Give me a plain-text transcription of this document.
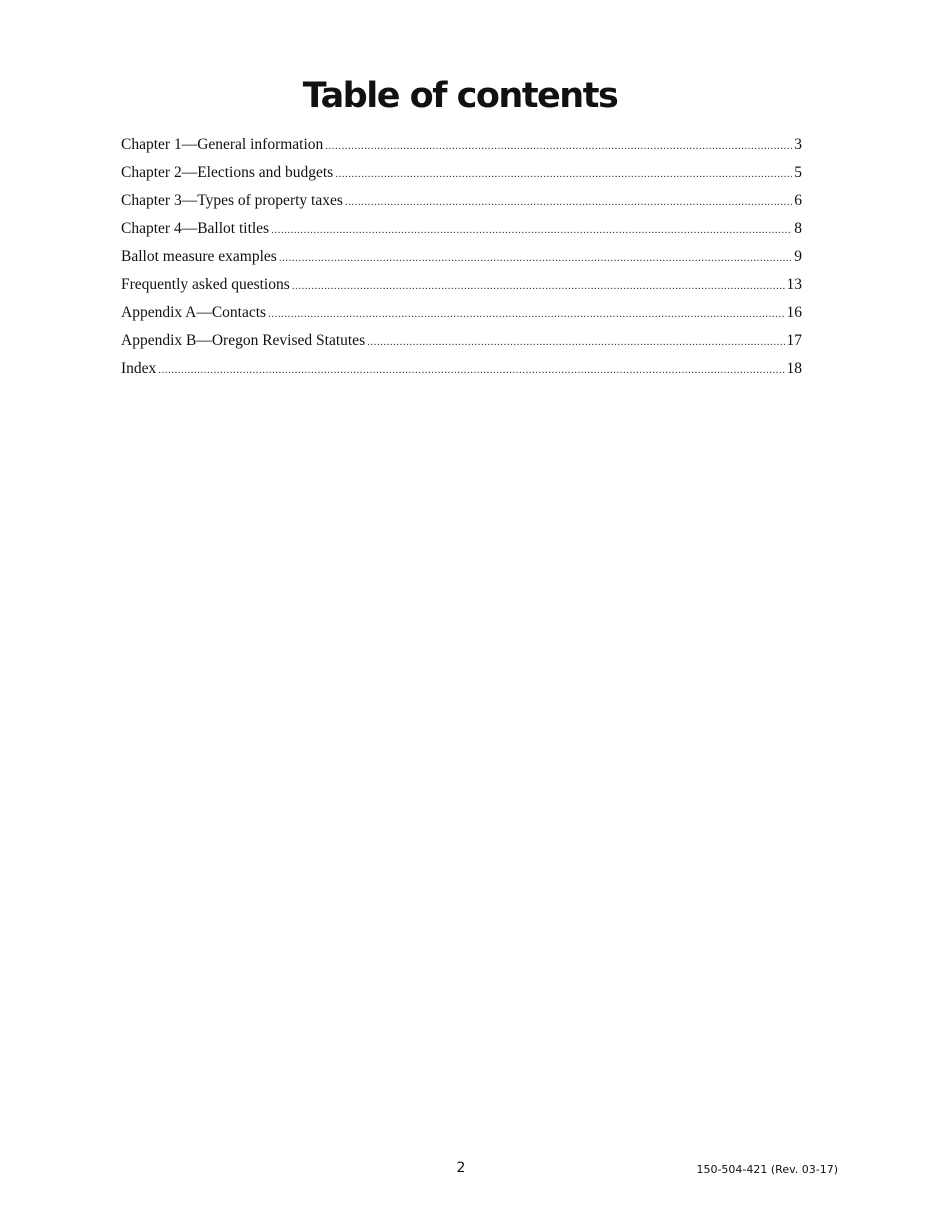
Table of contents
Chapter 1—General information .....	3
Chapter 2—Elections and budgets .....	5
Chapter 3—Types of property taxes .....	6
Chapter 4—Ballot titles .....	8
Ballot measure examples .....	9
Frequently asked questions .....	13
Appendix A—Contacts .....	16
Appendix B—Oregon Revised Statutes .....	17
Index .....	18
2	150-504-421 (Rev. 03-17)
